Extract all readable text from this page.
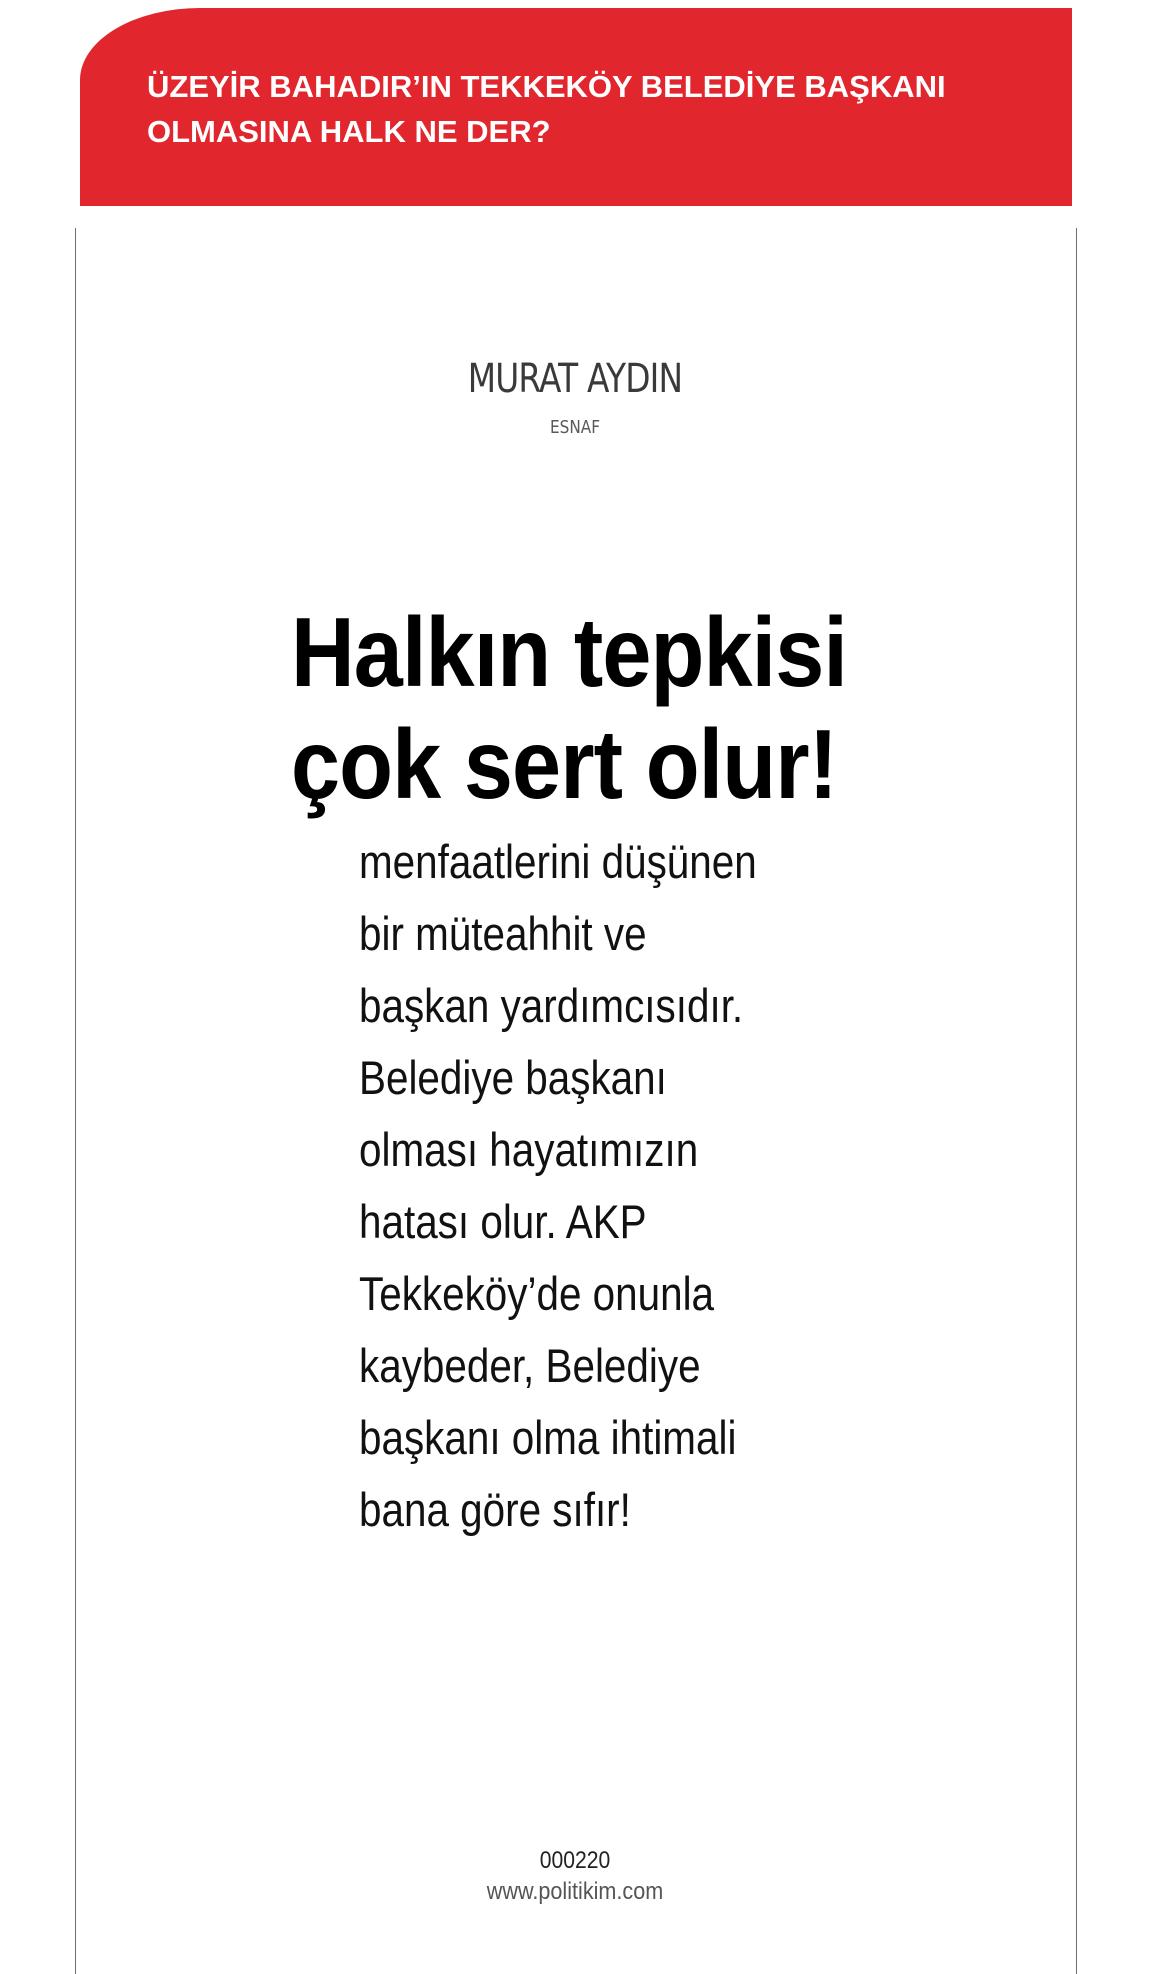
ÜZEYİR BAHADIR’IN TEKKEKÖY BELEDİYE BAŞKANI
OLMASINA HALK NE DER?
MURAT AYDIN
ESNAF
Halkın tepkisi
çok sert olur!
menfaatlerini düşünen
bir müteahhit ve
başkan yardımcısıdır.
Belediye başkanı
olması hayatımızın
hatası olur. AKP
Tekkeköy’de onunla
kaybeder, Belediye
başkanı olma ihtimali
bana göre sıfır!
000220
www.politikim.com
